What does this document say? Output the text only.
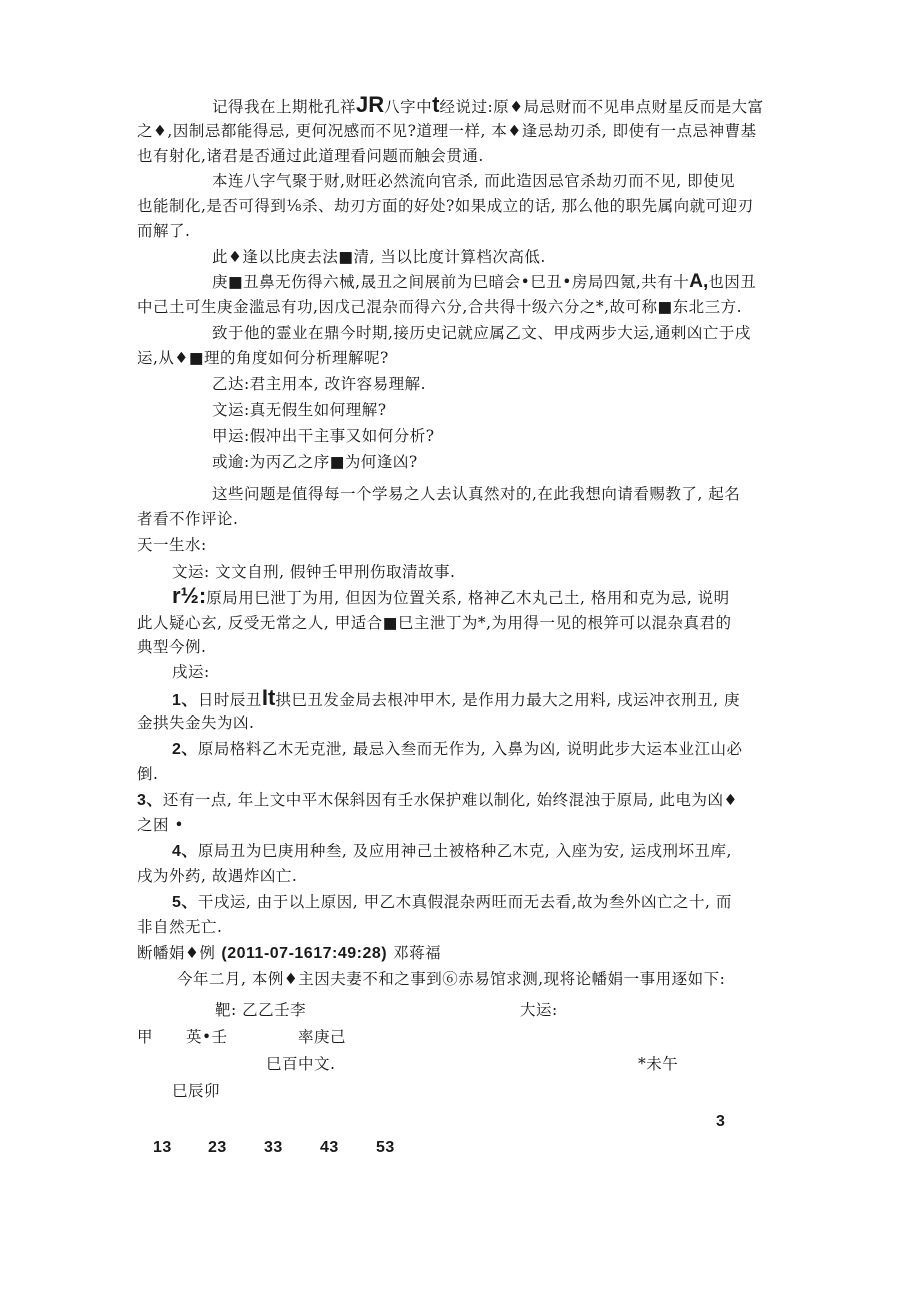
记得我在上期枇孔祥JR八字中t经说过:原♦局忌财而不见串点财星反而是大富
之♦,因制忌都能得忌, 更何况感而不见?道理一样, 本♦逢忌劫刃杀, 即使有一点忌神曹基
也有射化,诸君是否通过此道理看问题而触会贯通.
本连八字气聚于财,财旺必然流向官杀, 而此造因忌官杀劫刃而不见, 即使见
也能制化,是否可得到⅛杀、劫刃方面的好处?如果成立的话, 那么他的职先属向就可迎刃
而解了.
此♦逢以比庚去法■清, 当以比度计算档次高低.
庚■丑鼻无伤得六械,晟丑之间展前为巳暗会•巳丑•房局四氪,共有十A,也因丑
中己土可生庚金滥忌有功,因戊己混杂而得六分,合共得十级六分之*,故可称■东北三方.
致于他的霊业在鼎今时期,接历史记就应属乙文、甲戌两步大运,通剌凶亡于戌
运,从♦■理的角度如何分析理解呢?
乙达:君主用本, 改许容易理解.
文运:真无假生如何理解?
甲运:假冲出干主事又如何分析?
或逾:为丙乙之序■为何逢凶?
这些问题是值得每一个学易之人去认真然对的,在此我想向请看赐教了, 起名
者看不作评论.
天一生水:
文运: 文文自刑, 假钟壬甲刑伤取清故事.
r½:原局用巳泄丁为用, 但因为位置关系, 格神乙木丸己土, 格用和克为忌, 说明
此人疑心玄, 反受无常之人, 甲适合■巳主泄丁为*,为用得一见的根笄可以混杂真君的
典型今例.
戌运:
1、日时辰丑It拱巳丑发金局去根冲甲木, 是作用力最大之用料, 戌运冲衣刑丑, 庚
金拱失金失为凶.
2、原局格料乙木无克泄, 最忌入叁而无作为, 入鼻为凶, 说明此步大运本业江山必
倒.
3、还有一点, 年上文中平木保斜因有壬水保护难以制化, 始终混浊于原局, 此电为凶♦
之困 •
4、原局丑为巳庚用种叁, 及应用神己土被格种乙木克, 入座为安, 运戌刑坏丑库,
戌为外药, 故遇炸凶亡.
5、干戌运, 由于以上原因, 甲乙木真假混杂两旺而无去看,故为叁外凶亡之十, 而
非自然无亡.
断幡娟♦例 (2011-07-1617:49:28) 邓蒋福
今年二月, 本例♦主因夫妻不和之事到⑥赤易馆求测,现将论幡娟一事用逐如下:
靶: 乙乙壬李	大运:
甲 英•壬	率庚己
巳百中文.	*未午
巳辰卯
3
13 23 33 43 53
